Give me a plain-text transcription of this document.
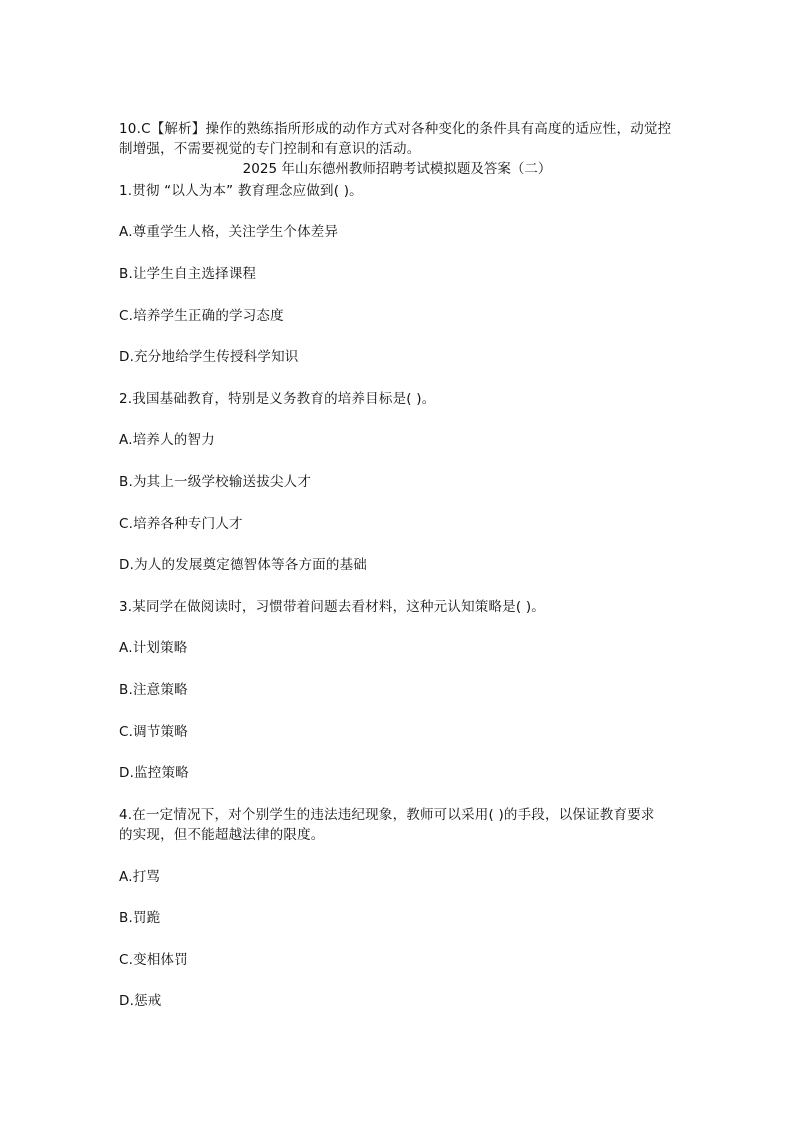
10.C【解析】操作的熟练指所形成的动作方式对各种变化的条件具有高度的适应性，动觉控
制增强，不需要视觉的专门控制和有意识的活动。
2025 年山东德州教师招聘考试模拟题及答案（二）
1.贯彻 “以人为本” 教育理念应做到( )。
A.尊重学生人格，关注学生个体差异
B.让学生自主选择课程
C.培养学生正确的学习态度
D.充分地给学生传授科学知识
2.我国基础教育，特别是义务教育的培养目标是( )。
A.培养人的智力
B.为其上一级学校输送拔尖人才
C.培养各种专门人才
D.为人的发展奠定德智体等各方面的基础
3.某同学在做阅读时，习惯带着问题去看材料，这种元认知策略是( )。
A.计划策略
B.注意策略
C.调节策略
D.监控策略
4.在一定情况下，对个别学生的违法违纪现象，教师可以采用( )的手段，以保证教育要求
的实现，但不能超越法律的限度。
A.打骂
B.罚跪
C.变相体罚
D.惩戒
